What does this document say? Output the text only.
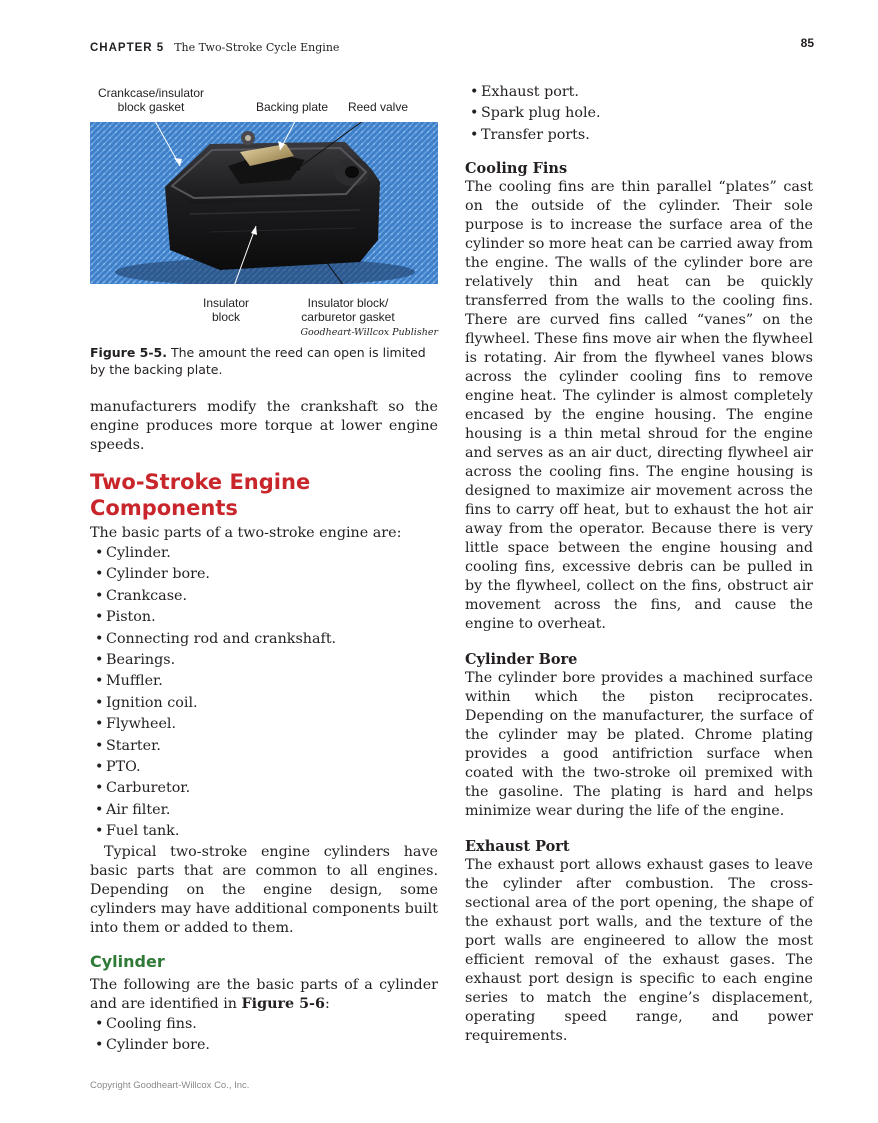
CHAPTER 5 The Two-Stroke Cycle Engine	85
Crankcase/insulator
block gasket	Backing plate	Reed valve
Insulator
block
Insulator block/
carburetor gasket
Goodheart-Willcox Publisher
Figure 5-5. The amount the reed can open is limited by the backing plate.

manufacturers modify the crankshaft so the engine produces more torque at lower engine speeds.

Two-Stroke Engine Components

The basic parts of a two-stroke engine are:

• Cylinder.
• Cylinder bore.
• Crankcase.
• Piston.
• Connecting rod and crankshaft.
• Bearings.
• Muffler.
• Ignition coil.
• Flywheel.
• Starter.
• PTO.
• Carburetor.
• Air filter.
• Fuel tank.

Typical two-stroke engine cylinders have basic parts that are common to all engines. Depending on the engine design, some cylinders may have additional components built into them or added to them.

Cylinder

The following are the basic parts of a cylinder and are identified in Figure 5-6:

• Cooling fins.
• Cylinder bore.
• Exhaust port.
• Spark plug hole.
• Transfer ports.
Cooling Fins

The cooling fins are thin parallel “plates” cast on the outside of the cylinder. Their sole purpose is to increase the surface area of the cylinder so more heat can be carried away from the engine. The walls of the cylinder bore are relatively thin and heat can be quickly transferred from the walls to the cooling fins. There are curved fins called “vanes” on the flywheel. These fins move air when the flywheel is rotating. Air from the flywheel vanes blows across the cylinder cooling fins to remove engine heat. The cylinder is almost completely encased by the engine housing. The engine housing is a thin metal shroud for the engine and serves as an air duct, directing flywheel air across the cooling fins. The engine housing is designed to maximize air movement across the fins to carry off heat, but to exhaust the hot air away from the operator. Because there is very little space between the engine housing and cooling fins, excessive debris can be pulled in by the flywheel, collect on the fins, obstruct air movement across the fins, and cause the engine to overheat.

Cylinder Bore

The cylinder bore provides a machined surface within which the piston reciprocates. Depending on the manufacturer, the surface of the cylinder may be plated. Chrome plating provides a good antifriction surface when coated with the two-stroke oil premixed with the gasoline. The plating is hard and helps minimize wear during the life of the engine.

Exhaust Port

The exhaust port allows exhaust gases to leave the cylinder after combustion. The cross-sectional area of the port opening, the shape of the exhaust port walls, and the texture of the port walls are engineered to allow the most efficient removal of the exhaust gases. The exhaust port design is specific to each engine series to match the engine’s displacement, operating speed range, and power requirements.

Copyright Goodheart-Willcox Co., Inc.
